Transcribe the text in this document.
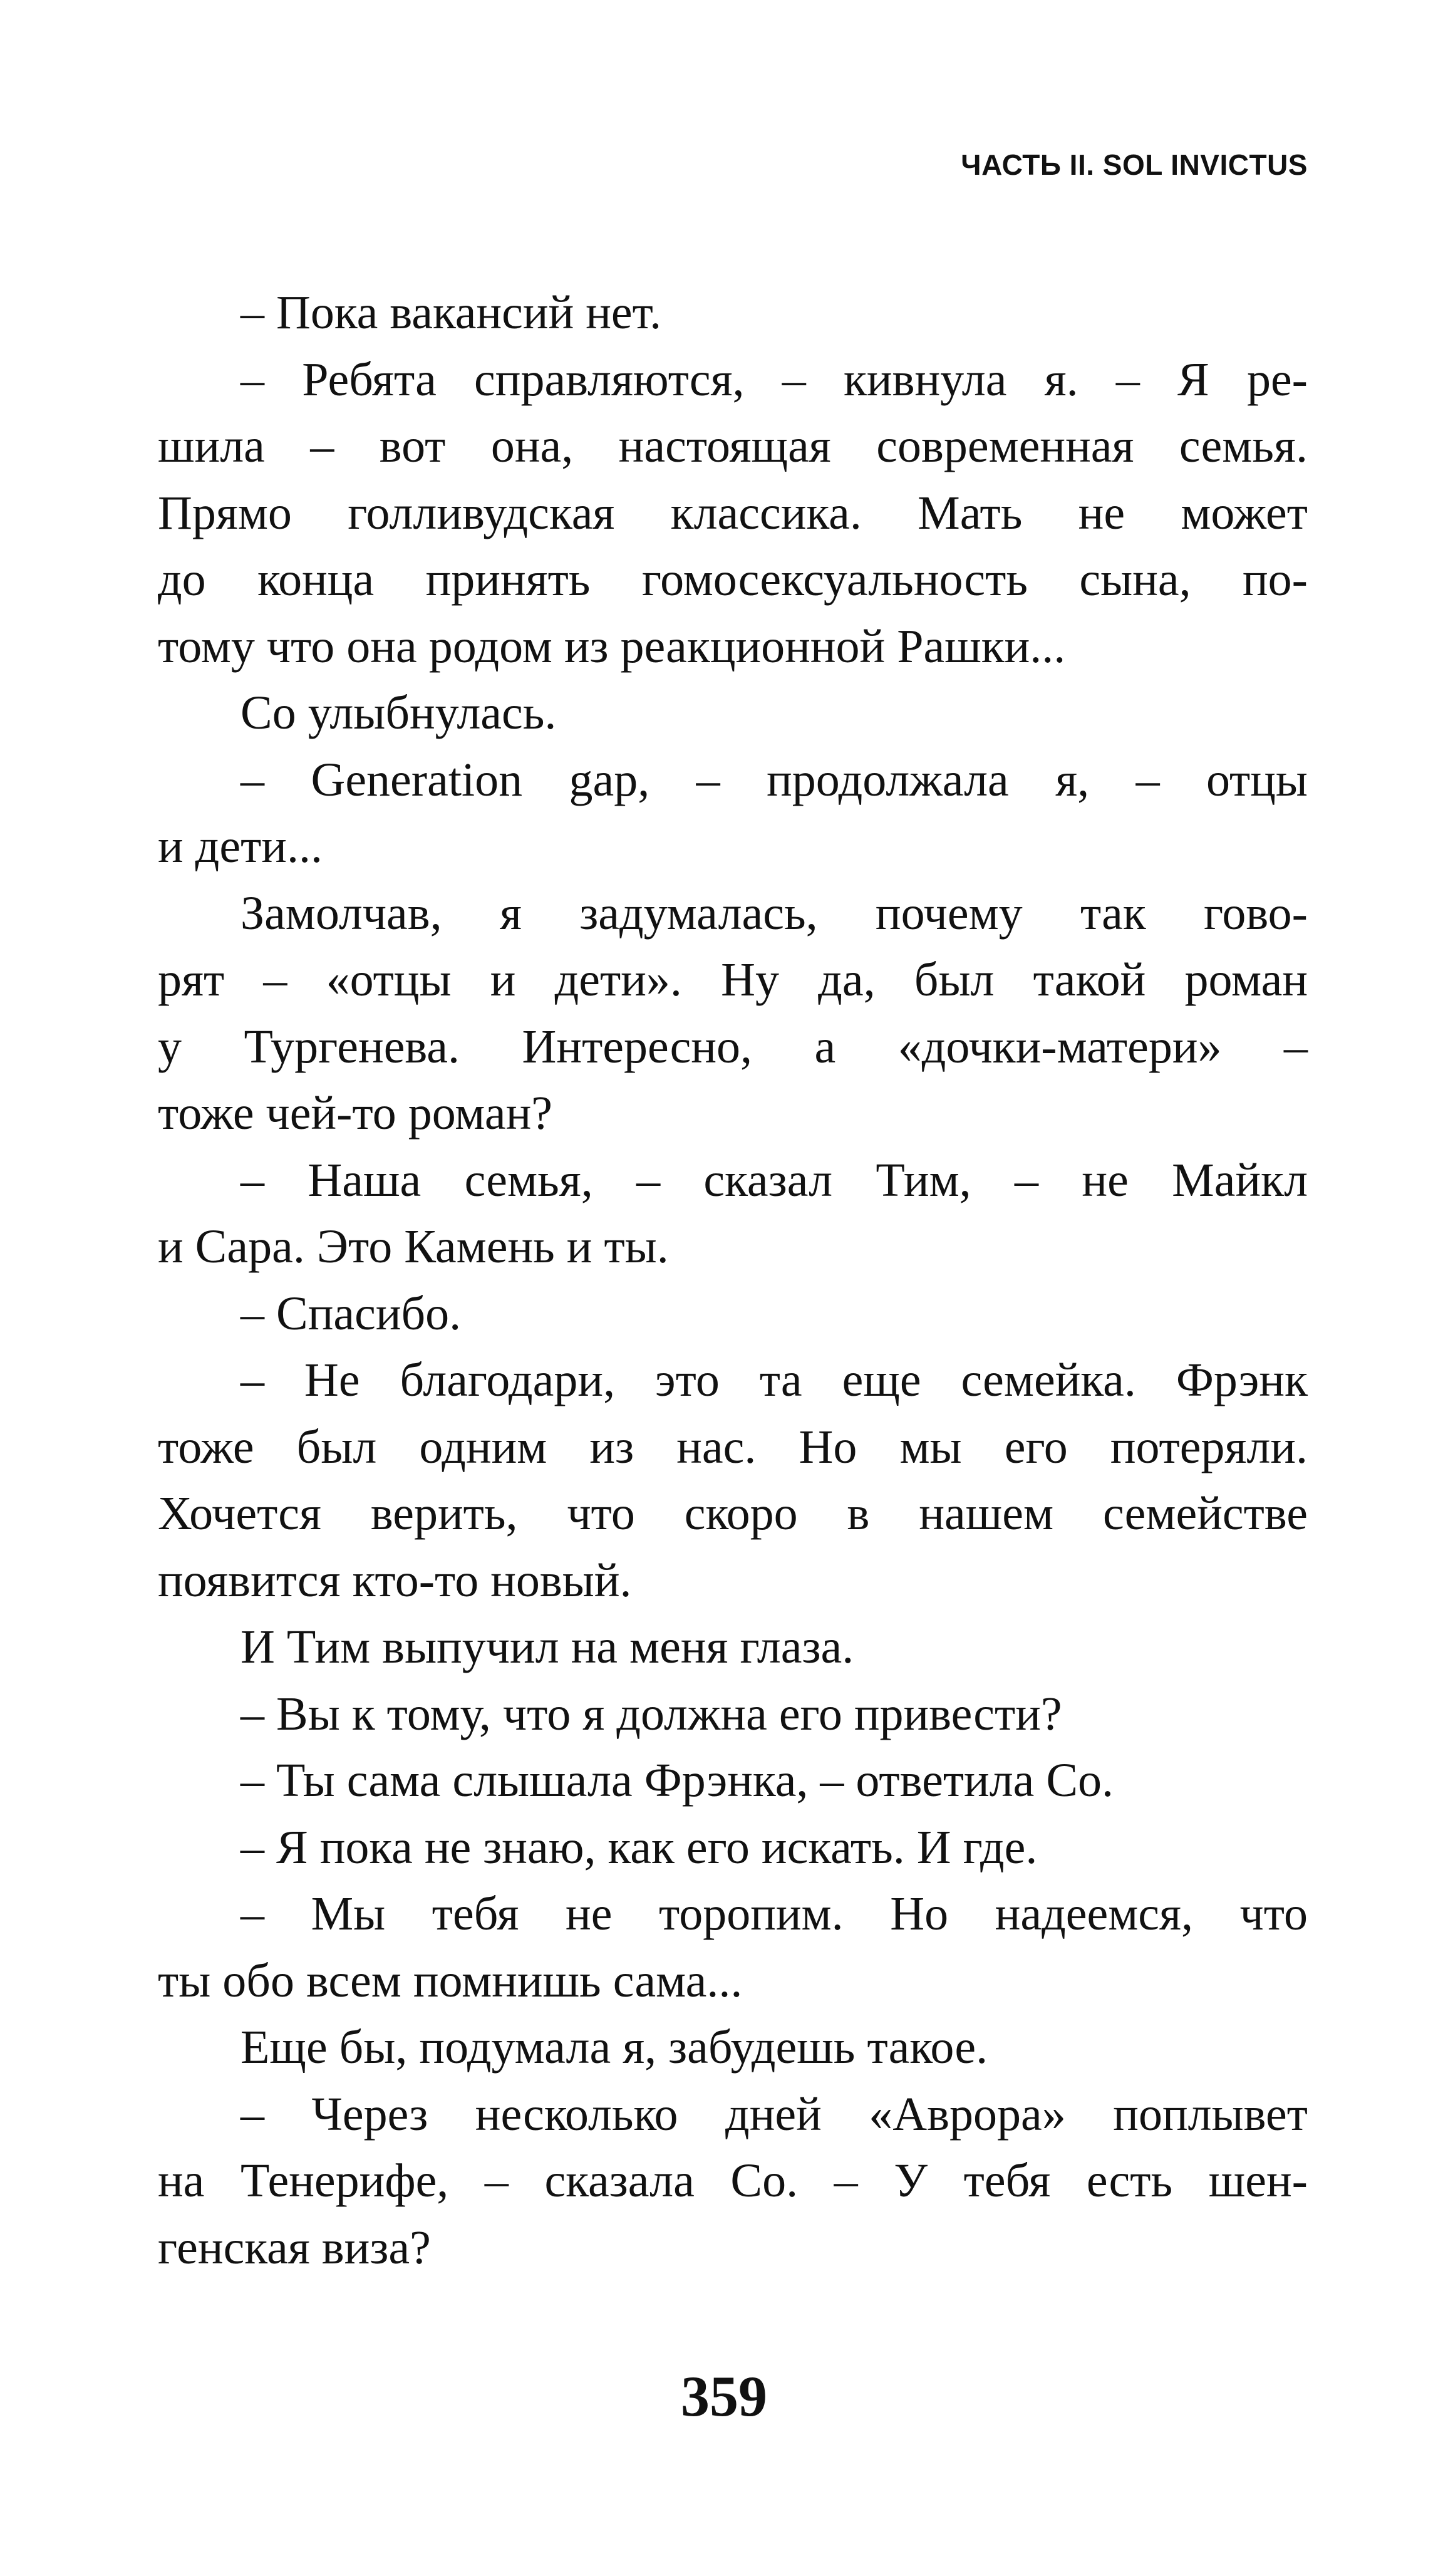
ЧАСТЬ II. SOL INVICTUS
– Пока вакансий нет.
– Ребята справляются, – кивнула я. – Я ре-
шила – вот она, настоящая современная семья.
Прямо голливудская классика. Мать не может
до конца принять гомосексуальность сына, по-
тому что она родом из реакционной Рашки...
Со улыбнулась.
– Generation gap, – продолжала я, – отцы
и дети...
Замолчав, я задумалась, почему так гово-
рят – «отцы и дети». Ну да, был такой роман
у Тургенева. Интересно, а «дочки-матери» –
тоже чей-то роман?
– Наша семья, – сказал Тим, – не Майкл
и Сара. Это Камень и ты.
– Спасибо.
– Не благодари, это та еще семейка. Фрэнк
тоже был одним из нас. Но мы его потеряли.
Хочется верить, что скоро в нашем семействе
появится кто-то новый.
И Тим выпучил на меня глаза.
– Вы к тому, что я должна его привести?
– Ты сама слышала Фрэнка, – ответила Со.
– Я пока не знаю, как его искать. И где.
– Мы тебя не торопим. Но надеемся, что
ты обо всем помнишь сама...
Еще бы, подумала я, забудешь такое.
– Через несколько дней «Аврора» поплывет
на Тенерифе, – сказала Со. – У тебя есть шен-
генская виза?
359
